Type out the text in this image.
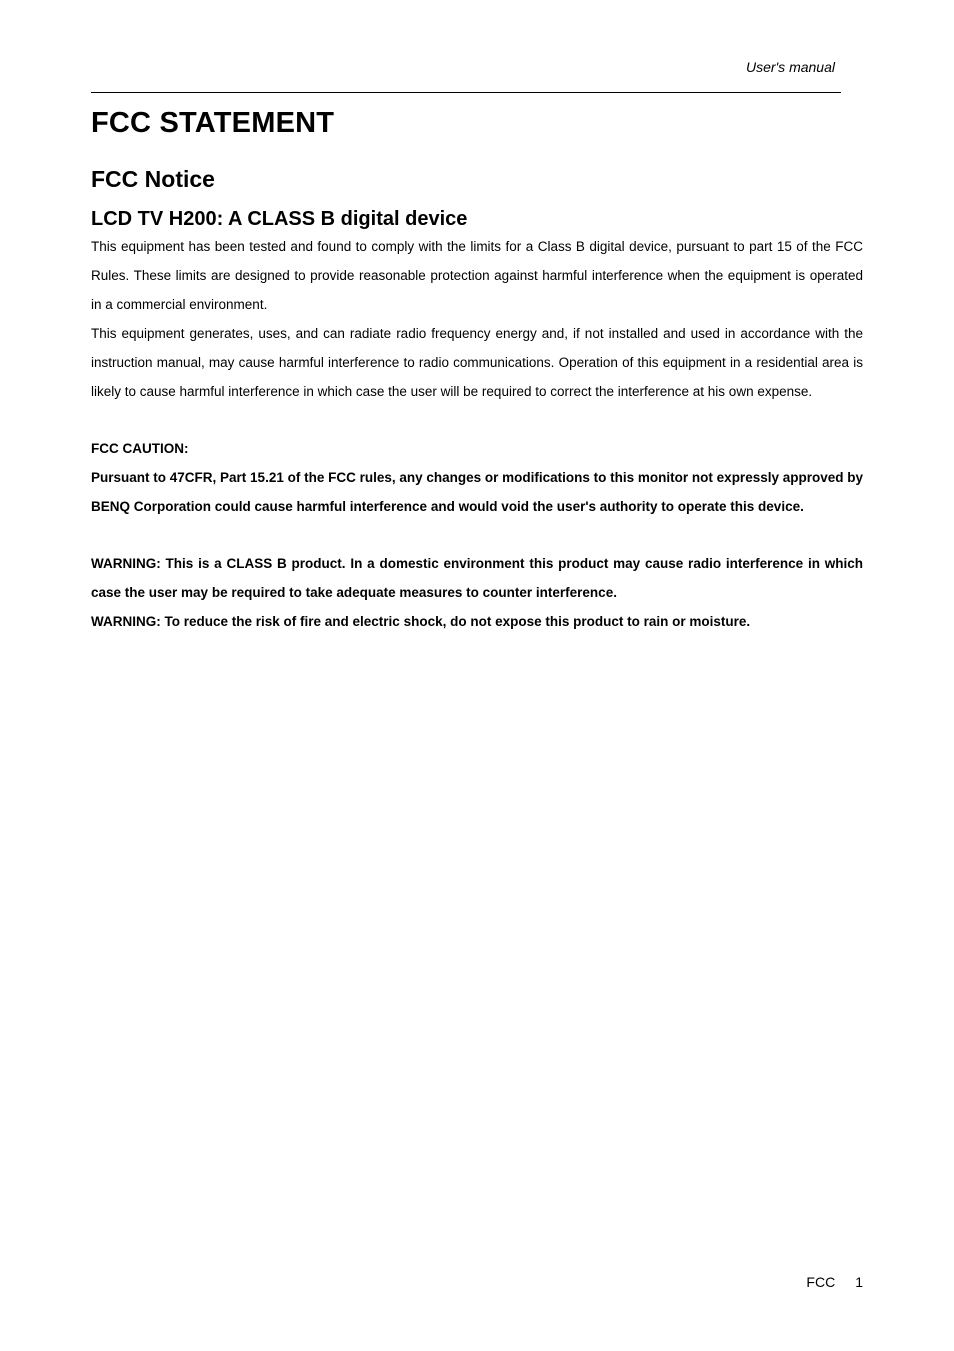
User's manual
FCC STATEMENT
FCC Notice
LCD TV H200: A CLASS B digital device

This equipment has been tested and found to comply with the limits for a Class B digital device, pursuant to part 15 of the FCC Rules. These limits are designed to provide reasonable protection against harmful interference when the equipment is operated in a commercial environment.

This equipment generates, uses, and can radiate radio frequency energy and, if not installed and used in accordance with the instruction manual, may cause harmful interference to radio communications. Operation of this equipment in a residential area is likely to cause harmful interference in which case the user will be required to correct the interference at his own expense.

FCC CAUTION:

Pursuant to 47CFR, Part 15.21 of the FCC rules, any changes or modifications to this monitor not expressly approved by BENQ Corporation could cause harmful interference and would void the user's authority to operate this device.

WARNING: This is a CLASS B product. In a domestic environment this product may cause radio interference in which case the user may be required to take adequate measures to counter interference.

WARNING: To reduce the risk of fire and electric shock, do not expose this product to rain or moisture.

FCC 1
